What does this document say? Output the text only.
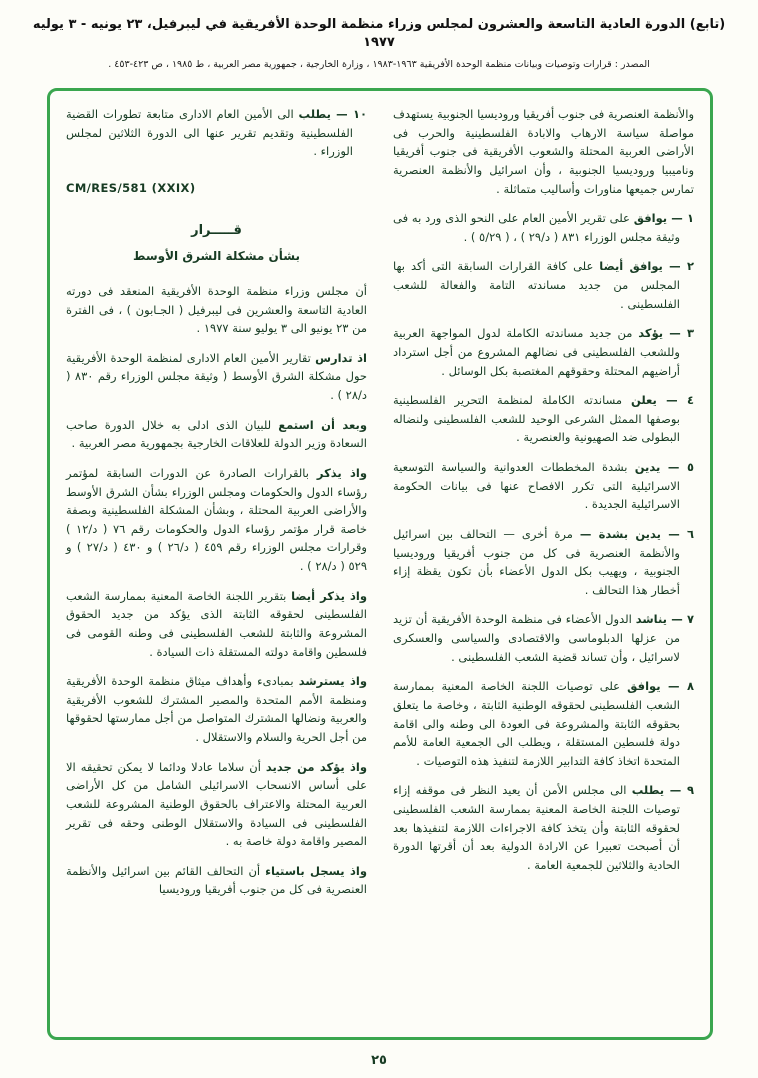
(تابع) الدورة العادية التاسعة والعشرون لمجلس وزراء منظمة الوحدة الأفريقية في ليبرفيل، ٢٣ يونيه - ٣ يوليه ١٩٧٧
المصدر : قرارات وتوصيات وبيانات منظمة الوحدة الأفريقية ١٩٦٣-١٩٨٣ ، وزارة الخارجية ، جمهورية مصر العربية ، ط ١٩٨٥ ، ص ٤٢٣-٤٥٣ .

والأنظمة العنصرية فى جنوب أفريقيا وروديسيا الجنوبية يستهدف مواصلة سياسة الارهاب والابادة الفلسطينية والحرب فى الأراضى العربية المحتلة والشعوب الأفريقية فى جنوب أفريقيا وناميبيا وروديسيا الجنوبية ، وأن اسرائيل والأنظمة العنصرية تمارس جميعها مناورات وأساليب متماثلة .

١ — يوافق على تقرير الأمين العام على النحو الذى ورد به فى وثيقة مجلس الوزراء ٨٣١ ( د/٢٩ ) ، ( ٥/٢٩ ) .

٢ — يوافق أيضا على كافة القرارات السابقة التى أكد بها المجلس من جديد مساندته التامة والفعالة للشعب الفلسطينى .

٣ — يؤكد من جديد مساندته الكاملة لدول المواجهة العربية وللشعب الفلسطينى فى نضالهم المشروع من أجل استرداد أراضيهم المحتلة وحقوقهم المغتصبة بكل الوسائل .

٤ — يعلن مساندته الكاملة لمنظمة التحرير الفلسطينية بوصفها الممثل الشرعى الوحيد للشعب الفلسطينى ولنضاله البطولى ضد الصهيونية والعنصرية .

٥ — يدين بشدة المخططات العدوانية والسياسة التوسعية الاسرائيلية التى تكرر الافصاح عنها فى بيانات الحكومة الاسرائيلية الجديدة .

٦ — يدين بشدة — مرة أخرى — التحالف بين اسرائيل والأنظمة العنصرية فى كل من جنوب أفريقيا وروديسيا الجنوبية ، ويهيب بكل الدول الأعضاء بأن تكون يقظة إزاء أخطار هذا التحالف .

٧ — يناشد الدول الأعضاء فى منظمة الوحدة الأفريقية أن تزيد من عزلها الدبلوماسى والاقتصادى والسياسى والعسكرى لاسرائيل ، وأن تساند قضية الشعب الفلسطينى .

٨ — يوافق على توصيات اللجنة الخاصة المعنية بممارسة الشعب الفلسطينى لحقوقه الوطنية الثابتة ، وخاصة ما يتعلق بحقوقه الثابتة والمشروعة فى العودة الى وطنه والى اقامة دولة فلسطين المستقلة ، ويطلب الى الجمعية العامة للأمم المتحدة اتخاذ كافة التدابير اللازمة لتنفيذ هذه التوصيات .

٩ — يطلب الى مجلس الأمن أن يعيد النظر فى موقفه إزاء توصيات اللجنة الخاصة المعنية بممارسة الشعب الفلسطينى لحقوقه الثابتة وأن يتخذ كافة الاجراءات اللازمة لتنفيذها بعد أن أصبحت تعبيرا عن الارادة الدولية بعد أن أقرتها الدورة الحادية والثلاثين للجمعية العامة .

١٠ — يطلب الى الأمين العام الادارى متابعة تطورات القضية الفلسطينية وتقديم تقرير عنها الى الدورة الثلاثين لمجلس الوزراء .

CM/RES/581 (XXIX)
قـــــرار
بشأن مشكلة الشرق الأوسط

أن مجلس وزراء منظمة الوحدة الأفريقية المنعقد فى دورته العادية التاسعة والعشرين فى ليبرفيل ( الجـابون ) ، فى الفترة من ٢٣ يونيو الى ٣ يوليو سنة ١٩٧٧ .

اذ تدارس تقارير الأمين العام الادارى لمنظمة الوحدة الأفريقية حول مشكلة الشرق الأوسط ( وثيقة مجلس الوزراء رقم ٨٣٠ ( د/٢٨ ) .

وبعد أن استمع للبيان الذى ادلى به خلال الدورة صاحب السعادة وزير الدولة للعلاقات الخارجية بجمهورية مصر العربية .

واذ يذكر بالقرارات الصادرة عن الدورات السابقة لمؤتمر رؤساء الدول والحكومات ومجلس الوزراء بشأن الشرق الأوسط والأراضى العربية المحتلة ، وبشأن المشكلة الفلسطينية وبصفة خاصة قرار مؤتمر رؤساء الدول والحكومات رقم ٧٦ ( د/١٢ ) وقرارات مجلس الوزراء رقم ٤٥٩ ( د/٢٦ ) و ٤٣٠ ( د/٢٧ ) و ٥٢٩ ( د/٢٨ ) .

واذ يذكر أيضا بتقرير اللجنة الخاصة المعنية بممارسة الشعب الفلسطينى لحقوقه الثابتة الذى يؤكد من جديد الحقوق المشروعة والثابتة للشعب الفلسطينى فى وطنه القومى فى فلسطين واقامة دولته المستقلة ذات السيادة .

واذ يسترشد بمبادىء وأهداف ميثاق منظمة الوحدة الأفريقية ومنظمة الأمم المتحدة والمصير المشترك للشعوب الأفريقية والعربية ونضالها المشترك المتواصل من أجل ممارستها لحقوقها من أجل الحرية والسلام والاستقلال .

واذ يؤكد من جديد أن سلاما عادلا ودائما لا يمكن تحقيقه الا على أساس الانسحاب الاسرائيلى الشامل من كل الأراضى العربية المحتلة والاعتراف بالحقوق الوطنية المشروعة للشعب الفلسطينى فى السيادة والاستقلال الوطنى وحقه فى تقرير المصير واقامة دولة خاصة به .

واذ يسجل باستياء أن التحالف القائم بين اسرائيل والأنظمة العنصرية فى كل من جنوب أفريقيا وروديسيا

٢٥
